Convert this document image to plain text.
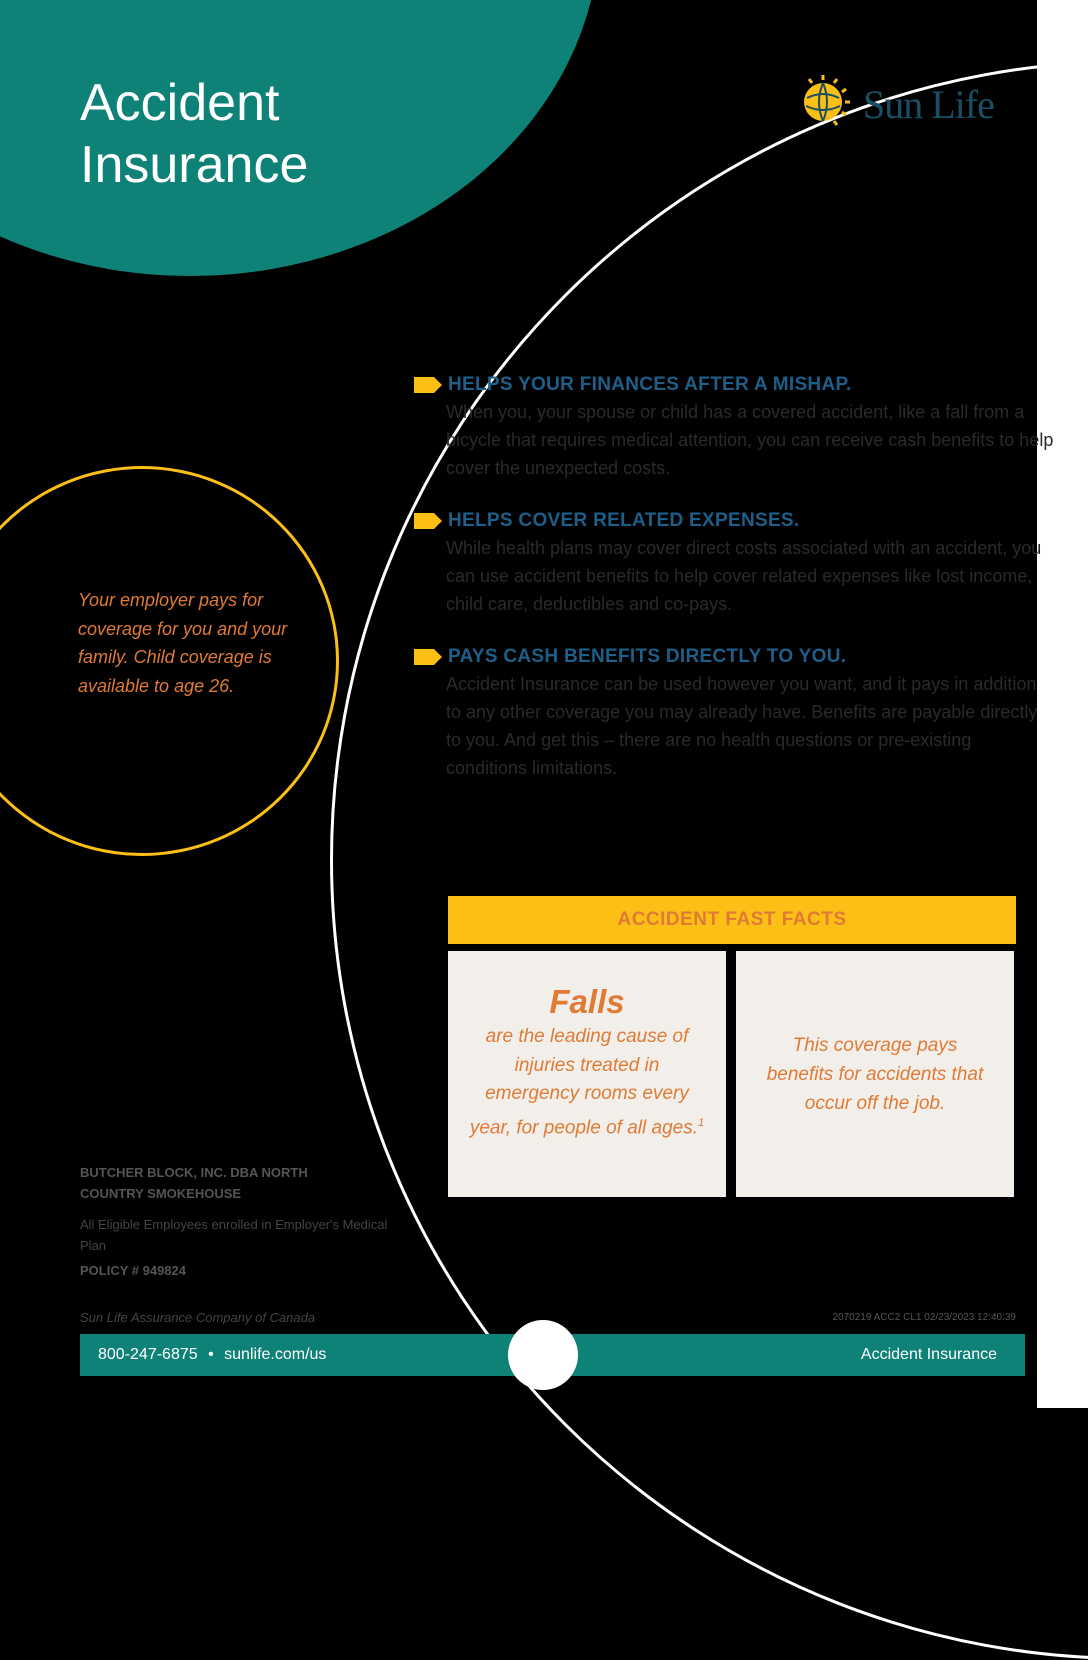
Accident
Insurance
Sun Life
HELPS YOUR FINANCES AFTER A MISHAP.
When you, your spouse or child has a covered accident, like a fall from a bicycle that requires medical attention, you can receive cash benefits to help cover the unexpected costs.
HELPS COVER RELATED EXPENSES.
While health plans may cover direct costs associated with an accident, you can use accident benefits to help cover related expenses like lost income, child care, deductibles and co-pays.
PAYS CASH BENEFITS DIRECTLY TO YOU.
Accident Insurance can be used however you want, and it pays in addition to any other coverage you may already have. Benefits are payable directly to you. And get this – there are no health questions or pre-existing conditions limitations.
Your employer pays for coverage for you and your family. Child coverage is available to age 26.
ACCIDENT FAST FACTS
Falls
are the leading cause of injuries treated in emergency rooms every year, for people of all ages.$^1$
This coverage pays benefits for accidents that occur off the job.
BUTCHER BLOCK, INC. DBA NORTH COUNTRY SMOKEHOUSE
All Eligible Employees enrolled in Employer's Medical Plan
POLICY # 949824
Sun Life Assurance Company of Canada	2070219 ACC2 CL1 02/23/2023 12:40:39
800-247-6875 • sunlife.com/us	Accident Insurance
